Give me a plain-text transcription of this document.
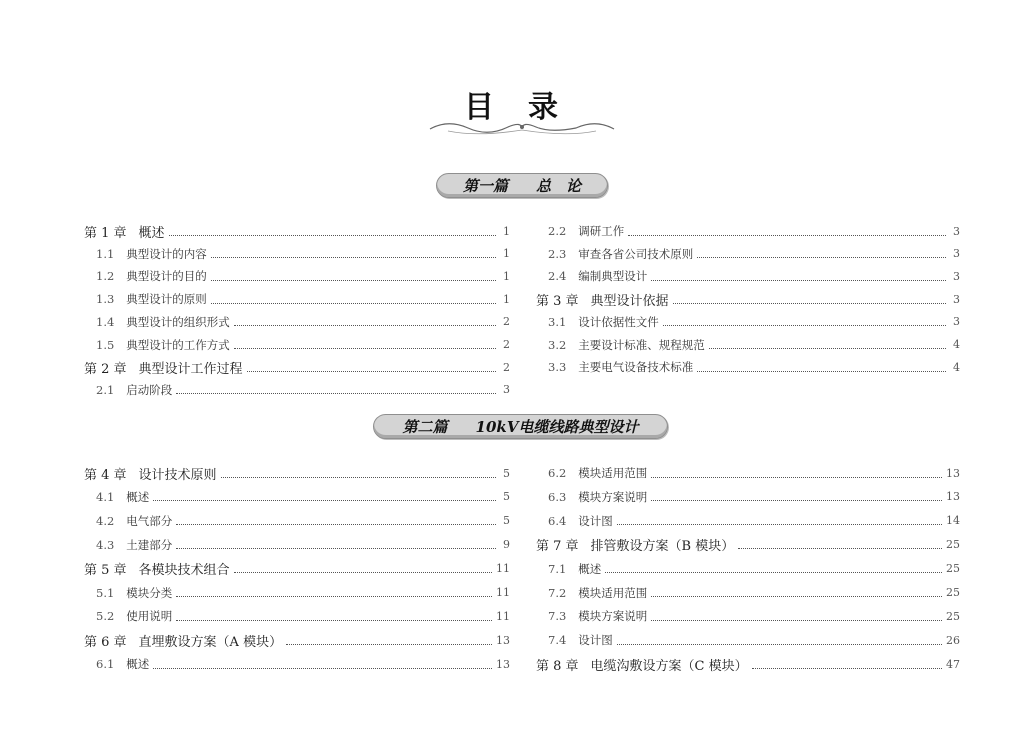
目　录
第一篇 总　论
第 1 章 概述	1
1.1 典型设计的内容	1
1.2 典型设计的目的	1
1.3 典型设计的原则	1
1.4 典型设计的组织形式	2
1.5 典型设计的工作方式	2
第 2 章 典型设计工作过程	2
2.1 启动阶段	3
2.2 调研工作	3
2.3 审查各省公司技术原则	3
2.4 编制典型设计	3
第 3 章 典型设计依据	3
3.1 设计依据性文件	3
3.2 主要设计标准、规程规范	4
3.3 主要电气设备技术标准	4
第二篇 10kV电缆线路典型设计
第 4 章 设计技术原则	5
4.1 概述	5
4.2 电气部分	5
4.3 土建部分	9
第 5 章 各模块技术组合	11
5.1 模块分类	11
5.2 使用说明	11
第 6 章 直埋敷设方案（A 模块）	13
6.1 概述	13
6.2 模块适用范围	13
6.3 模块方案说明	13
6.4 设计图	14
第 7 章 排管敷设方案（B 模块）	25
7.1 概述	25
7.2 模块适用范围	25
7.3 模块方案说明	25
7.4 设计图	26
第 8 章 电缆沟敷设方案（C 模块）	47
